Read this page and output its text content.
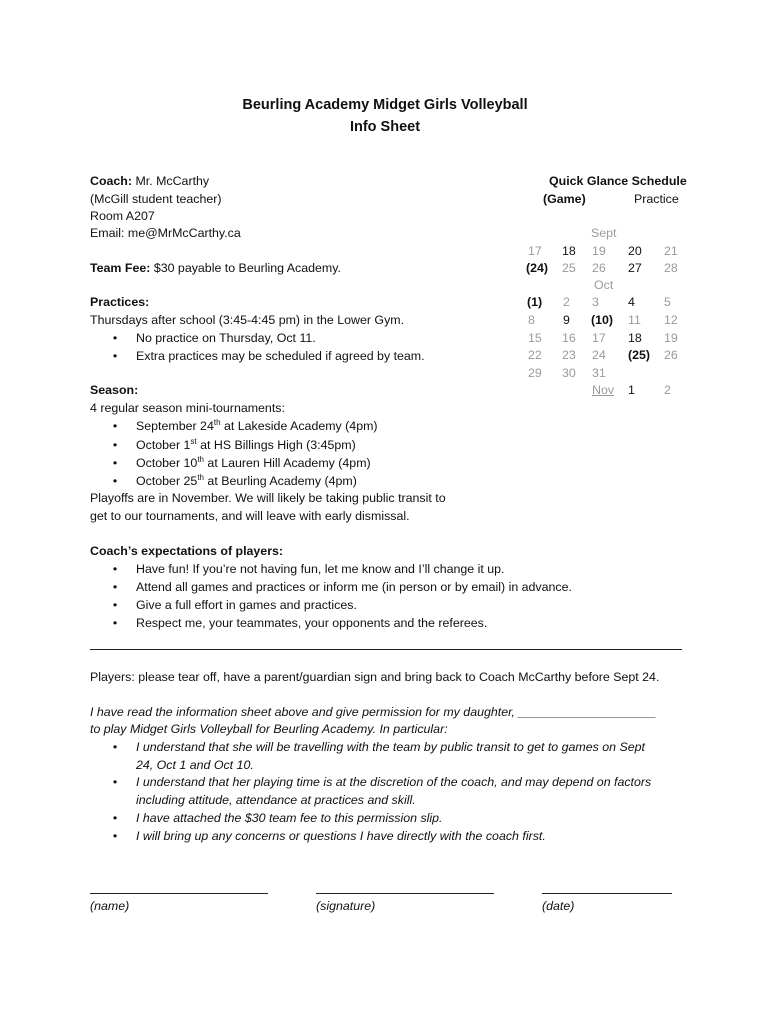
Beurling Academy Midget Girls Volleyball
Info Sheet
Coach: Mr. McCarthy
(McGill student teacher)
Room A207
Email: me@MrMcCarthy.ca
Team Fee: $30 payable to Beurling Academy.
Practices:
Thursdays after school (3:45-4:45 pm) in the Lower Gym.
•	No practice on Thursday, Oct 11.
•	Extra practices may be scheduled if agreed by team.
Season:
4 regular season mini-tournaments:
•	September 24th at Lakeside Academy (4pm)
•	October 1st at HS Billings High (3:45pm)
•	October 10th at Lauren Hill Academy (4pm)
•	October 25th at Beurling Academy (4pm)
Playoffs are in November. We will likely be taking public transit to
get to our tournaments, and will leave with early dismissal.
Coach’s expectations of players:
•	Have fun! If you’re not having fun, let me know and I’ll change it up.
•	Attend all games and practices or inform me (in person or by email) in advance.
•	Give a full effort in games and practices.
•	Respect me, your teammates, your opponents and the referees.
Quick Glance Schedule
(Game)	Practice
Sept
17 18 19 20 21
(24) 25 26 27 28
Oct
(1) 2 3 4 5
8 9 (10) 11 12
15 16 17 18 19
22 23 24 (25) 26
29 30 31
Nov 1 2
Players: please tear off, have a parent/guardian sign and bring back to Coach McCarthy before Sept 24.
I have read the information sheet above and give permission for my daughter, ____________________
to play Midget Girls Volleyball for Beurling Academy. In particular:
•	I understand that she will be travelling with the team by public transit to get to games on Sept
24, Oct 1 and Oct 10.
•	I understand that her playing time is at the discretion of the coach, and may depend on factors
including attitude, attendance at practices and skill.
•	I have attached the $30 team fee to this permission slip.
•	I will bring up any concerns or questions I have directly with the coach first.
(name)	(signature)	(date)
